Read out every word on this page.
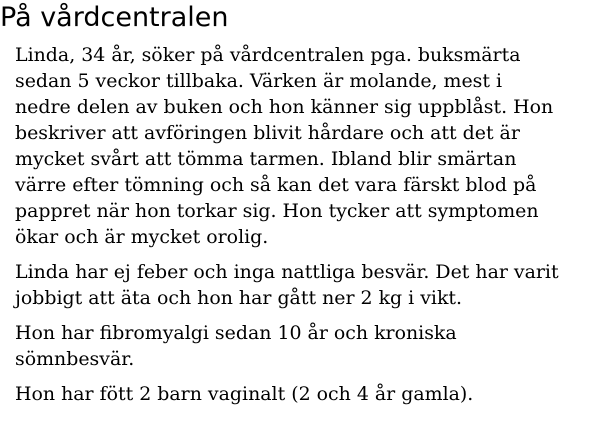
På vårdcentralen

Linda, 34 år, söker på vårdcentralen pga. buksmärta
sedan 5 veckor tillbaka. Värken är molande, mest i
nedre delen av buken och hon känner sig uppblåst. Hon
beskriver att avföringen blivit hårdare och att det är
mycket svårt att tömma tarmen. Ibland blir smärtan
värre efter tömning och så kan det vara färskt blod på
pappret när hon torkar sig. Hon tycker att symptomen
ökar och är mycket orolig.

Linda har ej feber och inga nattliga besvär. Det har varit
jobbigt att äta och hon har gått ner 2 kg i vikt.

Hon har fibromyalgi sedan 10 år och kroniska
sömnbesvär.

Hon har fött 2 barn vaginalt (2 och 4 år gamla).
